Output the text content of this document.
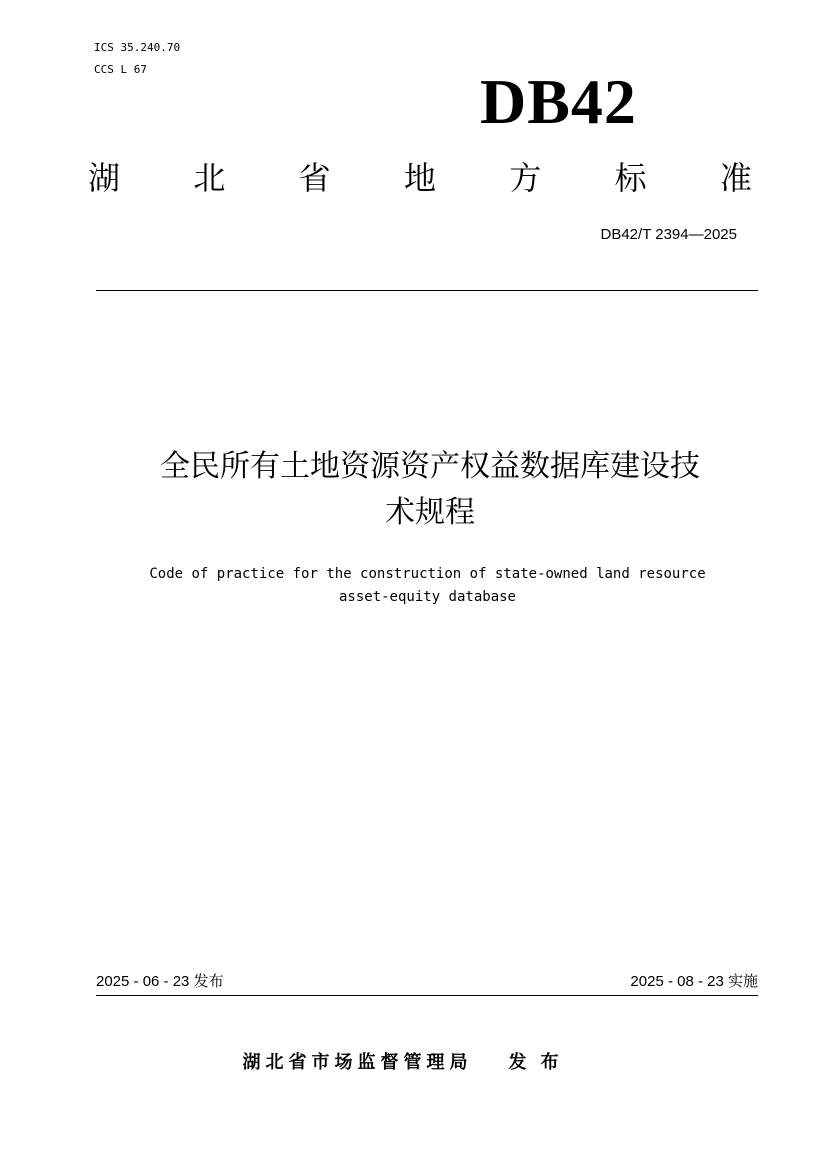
ICS 35.240.70
CCS L 67	DB42
湖 北 省 地 方 标 准
DB42/T 2394—2025
全民所有土地资源资产权益数据库建设技
术规程
Code of practice for the construction of state-owned land resource
asset-equity database
2025 - 06 - 23 发布	2025 - 08 - 23 实施
湖北省市场监督管理局 发布
